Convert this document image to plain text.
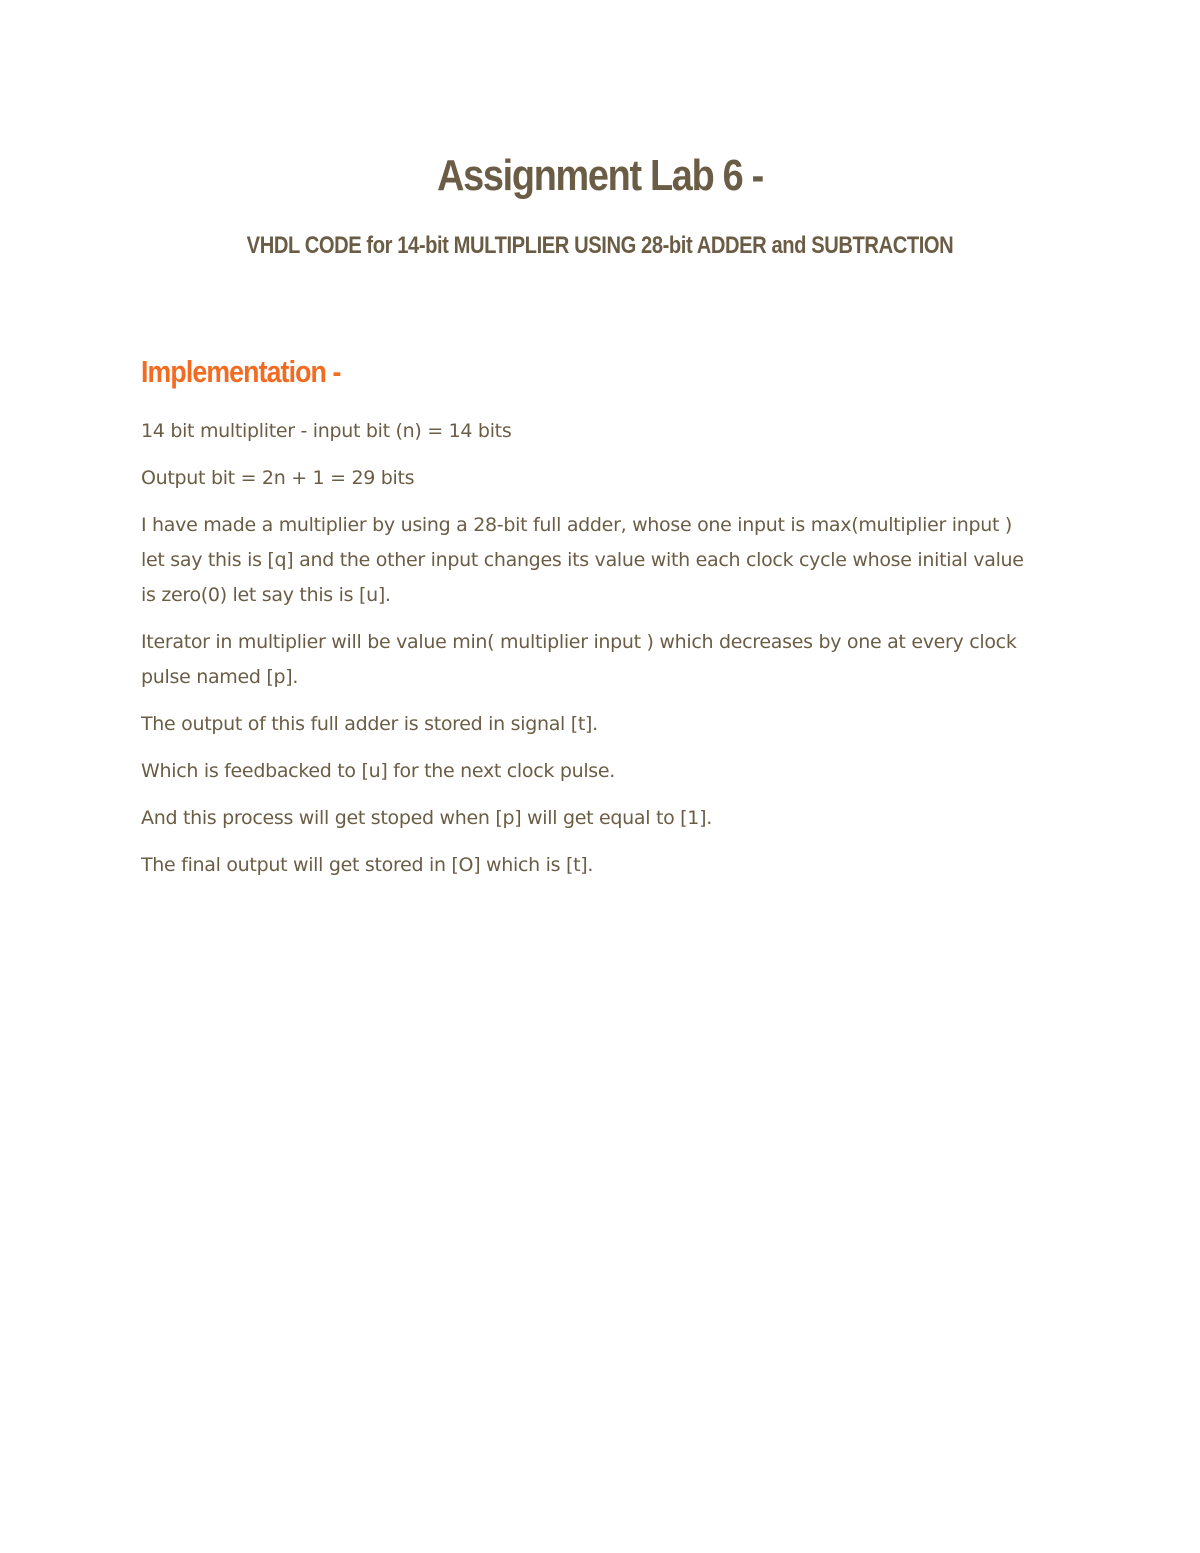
Assignment Lab 6 -
VHDL CODE for 14-bit MULTIPLIER USING 28-bit ADDER and SUBTRACTION
Implementation -

14 bit multipliter - input bit (n) = 14 bits

Output bit = 2n + 1 = 29 bits

I have made a multiplier by using a 28-bit full adder, whose one input is max(multiplier input ) let say this is [q] and the other input changes its value with each clock cycle whose initial value is zero(0) let say this is [u].

Iterator in multiplier will be value min( multiplier input ) which decreases by one at every clock pulse named [p].

The output of this full adder is stored in signal [t].

Which is feedbacked to [u] for the next clock pulse.

And this process will get stoped when [p] will get equal to [1].

The final output will get stored in [O] which is [t].
